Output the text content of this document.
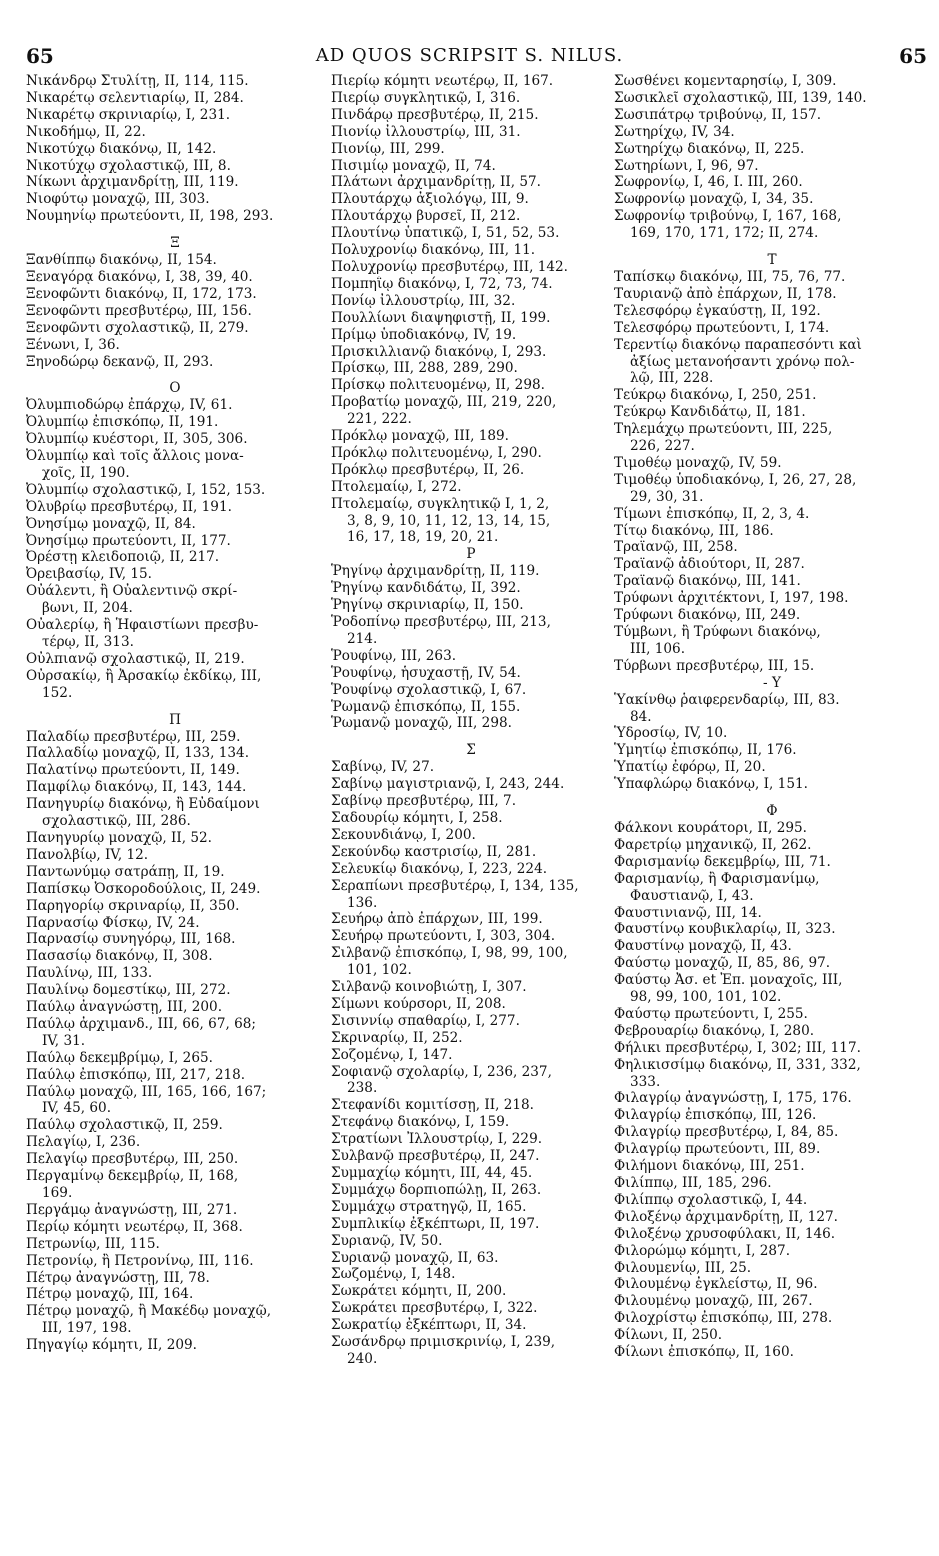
65	AD QUOS SCRIPSIT S. NILUS.	65
Νικάνδρῳ Στυλίτῃ, II, 114, 115.
Νικαρέτῳ σελεντιαρίῳ, II, 284.
Νικαρέτῳ σκρινιαρίῳ, I, 231.
Νικοδήμῳ, II, 22.
Νικοτύχῳ διακόνῳ, II, 142.
Νικοτύχῳ σχολαστικῷ, III, 8.
Νίκωνι ἀρχιμανδρίτῃ, III, 119.
Νιοφύτῳ μοναχῷ, III, 303.
Νουμηνίῳ πρωτεύοντι, II, 198, 293.
Ξ
Ξανθίππῳ διακόνῳ, II, 154.
Ξεναγόρᾳ διακόνῳ, I, 38, 39, 40.
Ξενοφῶντι διακόνῳ, II, 172, 173.
Ξενοφῶντι πρεσβυτέρῳ, III, 156.
Ξενοφῶντι σχολαστικῷ, II, 279.
Ξένωνι, I, 36.
Ξηνοδώρῳ δεκανῷ, II, 293.
Ο
Ὀλυμπιοδώρῳ ἐπάρχῳ, IV, 61.
Ὀλυμπίῳ ἐπισκόπῳ, II, 191.
Ὀλυμπίῳ κυέστορι, II, 305, 306.
Ὀλυμπίῳ καὶ τοῖς ἄλλοις μονα-
χοῖς, II, 190.
Ὀλυμπίῳ σχολαστικῷ, I, 152, 153.
Ὀλυβρίῳ πρεσβυτέρῳ, II, 191.
Ὀνησίμῳ μοναχῷ, II, 84.
Ὀνησίμῳ πρωτεύοντι, II, 177.
Ὀρέστῃ κλειδοποιῷ, II, 217.
Ὀρειβασίῳ, IV, 15.
Οὐάλεντι, ἢ Οὐαλεντινῷ σκρί-
βωνι, II, 204.
Οὐαλερίῳ, ἢ Ἡφαιστίωνι πρεσβυ-
τέρῳ, II, 313.
Οὐλπιανῷ σχολαστικῷ, II, 219.
Οὐρσακίῳ, ἢ Ἀρσακίῳ ἐκδίκῳ, III,
152.
Π
Παλαδίῳ πρεσβυτέρῳ, III, 259.
Παλλαδίῳ μοναχῷ, II, 133, 134.
Παλατίνῳ πρωτεύοντι, II, 149.
Παμφίλῳ διακόνῳ, II, 143, 144.
Πανηγυρίῳ διακόνῳ, ἢ Εὐδαίμονι
σχολαστικῷ, III, 286.
Πανηγυρίῳ μοναχῷ, II, 52.
Πανολβίῳ, IV, 12.
Παντωνύμῳ σατράπῃ, II, 19.
Παπίσκῳ Ὀσκοροδούλοις, II, 249.
Παρηγορίῳ σκριναρίῳ, II, 350.
Παρνασίῳ Φίσκῳ, IV, 24.
Παρνασίῳ συνηγόρῳ, III, 168.
Πασασίῳ διακόνῳ, II, 308.
Παυλίνῳ, III, 133.
Παυλίνῳ δομεστίκῳ, III, 272.
Παύλῳ ἀναγνώστῃ, III, 200.
Παύλῳ ἀρχιμανδ., III, 66, 67, 68;
IV, 31.
Παύλῳ δεκεμβρίμῳ, I, 265.
Παύλῳ ἐπισκόπῳ, III, 217, 218.
Παύλῳ μοναχῷ, III, 165, 166, 167;
IV, 45, 60.
Παύλῳ σχολαστικῷ, II, 259.
Πελαγίῳ, I, 236.
Πελαγίῳ πρεσβυτέρῳ, III, 250.
Περγαμίνῳ δεκεμβρίῳ, II, 168,
169.
Περγάμῳ ἀναγνώστῃ, III, 271.
Περίῳ κόμητι νεωτέρῳ, II, 368.
Πετρωνίῳ, III, 115.
Πετρονίῳ, ἢ Πετρονίνῳ, III, 116.
Πέτρῳ ἀναγνώστῃ, III, 78.
Πέτρῳ μοναχῷ, III, 164.
Πέτρῳ μοναχῷ, ἢ Μακέδῳ μοναχῷ,
III, 197, 198.
Πηγαγίῳ κόμητι, II, 209.
Πιερίῳ κόμητι νεωτέρῳ, II, 167.
Πιερίῳ συγκλητικῷ, I, 316.
Πινδάρῳ πρεσβυτέρῳ, II, 215.
Πιονίῳ ἰλλουστρίῳ, III, 31.
Πιονίῳ, III, 299.
Πισιμίῳ μοναχῷ, II, 74.
Πλάτωνι ἀρχιμανδρίτῃ, II, 57.
Πλουτάρχῳ ἀξιολόγῳ, III, 9.
Πλουτάρχῳ βυρσεῖ, II, 212.
Πλουτίνῳ ὑπατικῷ, I, 51, 52, 53.
Πολυχρονίῳ διακόνῳ, III, 11.
Πολυχρονίῳ πρεσβυτέρῳ, III, 142.
Πομπηΐῳ διακόνῳ, I, 72, 73, 74.
Πονίῳ ἰλλουστρίῳ, III, 32.
Πουλλίωνι διαψηφιστῇ, II, 199.
Πρίμῳ ὑποδιακόνῳ, IV, 19.
Πρισκιλλιανῷ διακόνῳ, I, 293.
Πρίσκῳ, III, 288, 289, 290.
Πρίσκῳ πολιτευομένῳ, II, 298.
Προβατίῳ μοναχῷ, III, 219, 220,
221, 222.
Πρόκλῳ μοναχῷ, III, 189.
Πρόκλῳ πολιτευομένῳ, I, 290.
Πρόκλῳ πρεσβυτέρῳ, II, 26.
Πτολεμαίῳ, I, 272.
Πτολεμαίῳ, συγκλητικῷ I, 1, 2,
3, 8, 9, 10, 11, 12, 13, 14, 15,
16, 17, 18, 19, 20, 21.
Ρ
Ῥηγίνῳ ἀρχιμανδρίτῃ, II, 119.
Ῥηγίνῳ κανδιδάτῳ, II, 392.
Ῥηγίνῳ σκρινιαρίῳ, II, 150.
Ῥοδοπίνῳ πρεσβυτέρῳ, III, 213,
214.
Ῥουφίνῳ, III, 263.
Ῥουφίνῳ, ἡσυχαστῇ, IV, 54.
Ῥουφίνῳ σχολαστικῷ, I, 67.
Ῥωμανῷ ἐπισκόπῳ, II, 155.
Ῥωμανῷ μοναχῷ, III, 298.
Σ
Σαβίνῳ, IV, 27.
Σαβίνῳ μαγιστριανῷ, I, 243, 244.
Σαβίνῳ πρεσβυτέρῳ, III, 7.
Σαδουρίῳ κόμητι, I, 258.
Σεκουνδιάνῳ, I, 200.
Σεκούνδῳ καστρισίῳ, II, 281.
Σελευκίῳ διακόνῳ, I, 223, 224.
Σεραπίωνι πρεσβυτέρῳ, I, 134, 135,
136.
Σευήρῳ ἀπὸ ἐπάρχων, III, 199.
Σευήρῳ πρωτεύοντι, I, 303, 304.
Σιλβανῷ ἐπισκόπῳ, I, 98, 99, 100,
101, 102.
Σιλβανῷ κοινοβιώτῃ, I, 307.
Σίμωνι κούρσορι, II, 208.
Σισιννίῳ σπαθαρίῳ, I, 277.
Σκριναρίῳ, II, 252.
Σοζομένῳ, I, 147.
Σοφιανῷ σχολαρίῳ, I, 236, 237,
238.
Στεφανίδι κομιτίσσῃ, II, 218.
Στεφάνῳ διακόνῳ, I, 159.
Στρατίωνι Ἰλλουστρίῳ, I, 229.
Συλβανῷ πρεσβυτέρῳ, II, 247.
Συμμαχίῳ κόμητι, III, 44, 45.
Συμμάχῳ δορπιοπώλῃ, II, 263.
Συμμάχῳ στρατηγῷ, II, 165.
Συμπλικίῳ ἐξκέπτωρι, II, 197.
Συριανῷ, IV, 50.
Συριανῷ μοναχῷ, II, 63.
Σωζομένῳ, I, 148.
Σωκράτει κόμητι, II, 200.
Σωκράτει πρεσβυτέρῳ, I, 322.
Σωκρατίῳ ἐξκέπτωρι, II, 34.
Σωσάνδρῳ πριμισκρινίῳ, I, 239,
240.
Σωσθένει κομενταρησίῳ, I, 309.
Σωσικλεῖ σχολαστικῷ, III, 139, 140.
Σωσιπάτρῳ τριβούνῳ, II, 157.
Σωτηρίχῳ, IV, 34.
Σωτηρίχῳ διακόνῳ, II, 225.
Σωτηρίωνι, I, 96, 97.
Σωφρονίῳ, I, 46, I. III, 260.
Σωφρονίῳ μοναχῷ, I, 34, 35.
Σωφρονίῳ τριβούνῳ, I, 167, 168,
169, 170, 171, 172; II, 274.
T
Ταπίσκῳ διακόνῳ, III, 75, 76, 77.
Ταυριανῷ ἀπὸ ἐπάρχων, II, 178.
Τελεσφόρῳ ἐγκαύστῃ, II, 192.
Τελεσφόρῳ πρωτεύοντι, I, 174.
Τερεντίῳ διακόνῳ παραπεσόντι καὶ
ἀξίως μετανοήσαντι χρόνῳ πολ-
λῷ, III, 228.
Τεύκρῳ διακόνῳ, I, 250, 251.
Τεύκρῳ Κανδιδάτῳ, II, 181.
Τηλεμάχῳ πρωτεύοντι, III, 225,
226, 227.
Τιμοθέῳ μοναχῷ, IV, 59.
Τιμοθέῳ ὑποδιακόνῳ, I, 26, 27, 28,
29, 30, 31.
Τίμωνι ἐπισκόπῳ, II, 2, 3, 4.
Τίτῳ διακόνῳ, III, 186.
Τραϊανῷ, III, 258.
Τραϊανῷ ἀδιούτορι, II, 287.
Τραϊανῷ διακόνῳ, III, 141.
Τρύφωνι ἀρχιτέκτονι, I, 197, 198.
Τρύφωνι διακόνῳ, III, 249.
Τύμβωνι, ἢ Τρύφωνι διακόνῳ,
III, 106.
Τύρβωνι πρεσβυτέρῳ, III, 15.
- Υ
Ὑακίνθῳ ῥαιφερενδαρίῳ, III, 83.
84.
Ὑδροσίῳ, IV, 10.
Ὑμητίῳ ἐπισκόπῳ, II, 176.
Ὑπατίῳ ἐφόρῳ, II, 20.
Ὑπαφλώρῳ διακόνῳ, I, 151.
Φ
Φάλκονι κουράτορι, II, 295.
Φαρετρίῳ μηχανικῷ, II, 262.
Φαρισμανίῳ δεκεμβρίῳ, III, 71.
Φαρισμανίῳ, ἢ Φαρισμανίμῳ,
Φαυστιανῷ, I, 43.
Φαυστινιανῷ, III, 14.
Φαυστίνῳ κουβικλαρίῳ, II, 323.
Φαυστίνῳ μοναχῷ, II, 43.
Φαύστῳ μοναχῷ, II, 85, 86, 97.
Φαύστῳ Ἀσ. et Ἐπ. μοναχοῖς, III,
98, 99, 100, 101, 102.
Φαύστῳ πρωτεύοντι, I, 255.
Φεβρουαρίῳ διακόνῳ, I, 280.
Φήλικι πρεσβυτέρῳ, I, 302; III, 117.
Φηλικισσίμῳ διακόνῳ, II, 331, 332,
333.
Φιλαγρίῳ ἀναγνώστῃ, I, 175, 176.
Φιλαγρίῳ ἐπισκόπῳ, III, 126.
Φιλαγρίῳ πρεσβυτέρῳ, I, 84, 85.
Φιλαγρίῳ πρωτεύοντι, III, 89.
Φιλήμονι διακόνῳ, III, 251.
Φιλίππῳ, III, 185, 296.
Φιλίππῳ σχολαστικῷ, I, 44.
Φιλοξένῳ ἀρχιμανδρίτῃ, II, 127.
Φιλοξένῳ χρυσοφύλακι, II, 146.
Φιλορώμῳ κόμητι, I, 287.
Φιλουμενίῳ, III, 25.
Φιλουμένῳ ἐγκλείστῳ, II, 96.
Φιλουμένῳ μοναχῷ, III, 267.
Φιλοχρίστῳ ἐπισκόπῳ, III, 278.
Φίλωνι, II, 250.
Φίλωνι ἐπισκόπῳ, II, 160.
